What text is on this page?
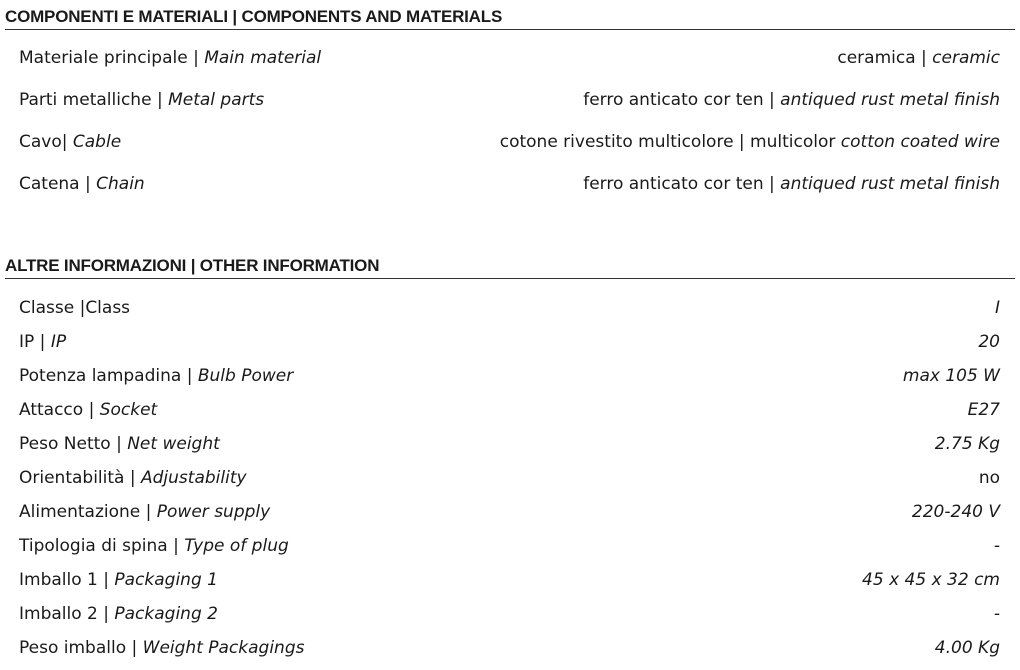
COMPONENTI E MATERIALI | COMPONENTS AND MATERIALS
Materiale principale | Main material	ceramica | ceramic
Parti metalliche | Metal parts	ferro anticato cor ten | antiqued rust metal finish
Cavo| Cable	cotone rivestito multicolore | multicolor cotton coated wire
Catena | Chain	ferro anticato cor ten | antiqued rust metal finish
ALTRE INFORMAZIONI | OTHER INFORMATION
Classe |Class	I
IP | IP	20
Potenza lampadina | Bulb Power	max 105 W
Attacco | Socket	E27
Peso Netto | Net weight	2.75 Kg
Orientabilità | Adjustability	no
Alimentazione | Power supply	220-240 V
Tipologia di spina | Type of plug	-
Imballo 1 | Packaging 1	45 x 45 x 32 cm
Imballo 2 | Packaging 2	-
Peso imballo | Weight Packagings	4.00 Kg
